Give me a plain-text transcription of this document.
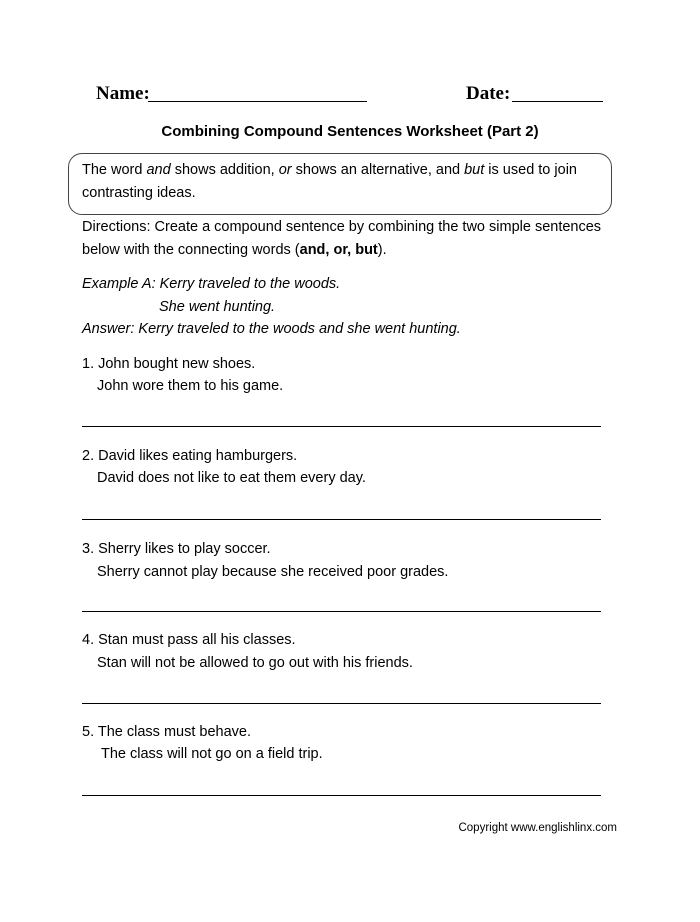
Name:	Date:
Combining Compound Sentences Worksheet (Part 2)
The word and shows addition, or shows an alternative, and but is used to join
contrasting ideas.
Directions: Create a compound sentence by combining the two simple sentences
below with the connecting words (and, or, but).
Example A: Kerry traveled to the woods.
She went hunting.
Answer: Kerry traveled to the woods and she went hunting.
1. John bought new shoes.
John wore them to his game.
2. David likes eating hamburgers.
David does not like to eat them every day.
3. Sherry likes to play soccer.
Sherry cannot play because she received poor grades.
4. Stan must pass all his classes.
Stan will not be allowed to go out with his friends.
5. The class must behave.
The class will not go on a field trip.
Copyright www.englishlinx.com
